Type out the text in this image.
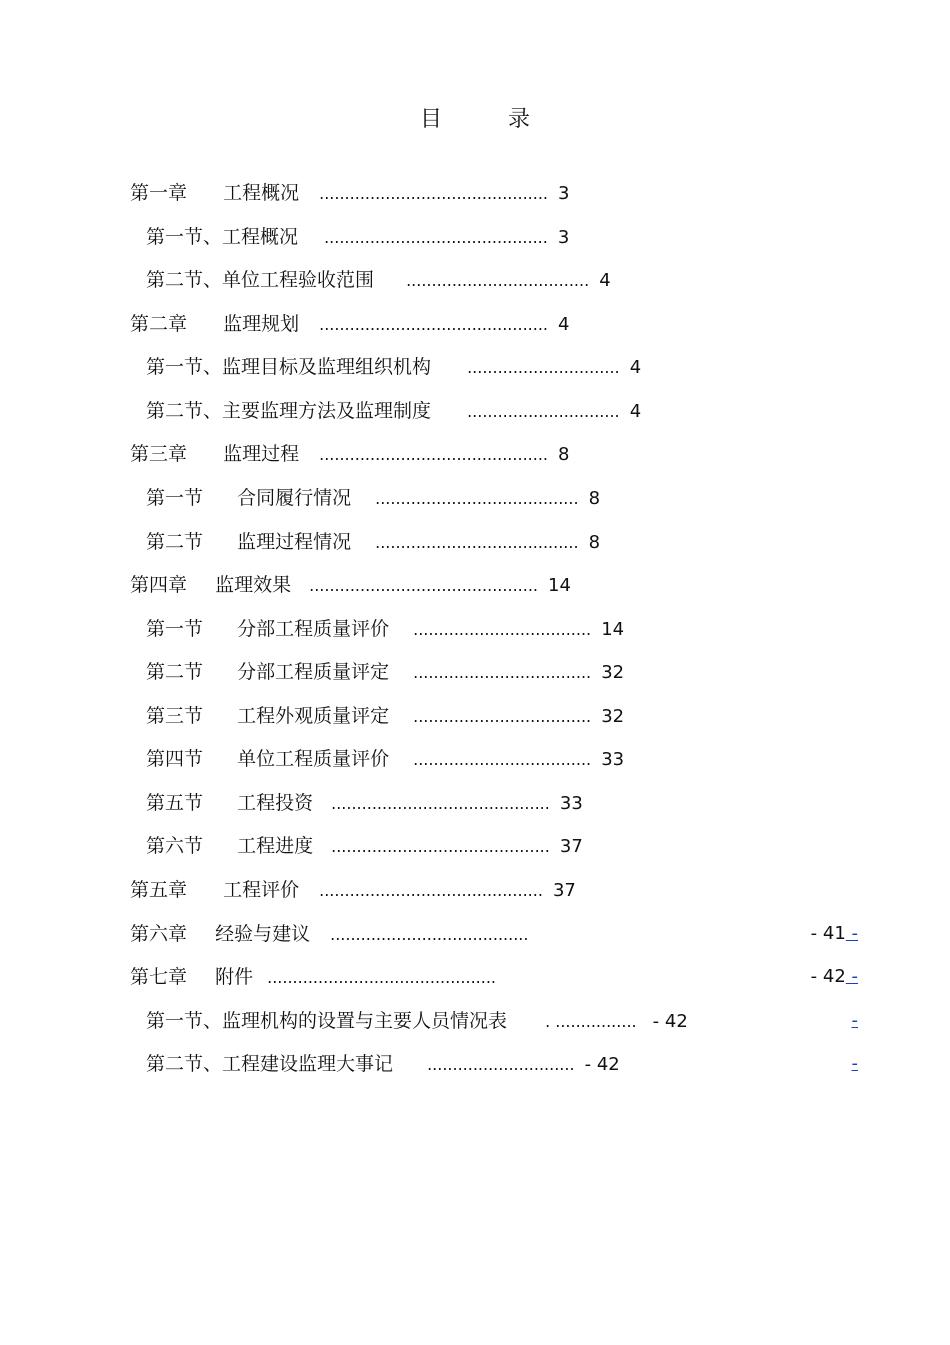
目	录
第一章 工程概况 ............................................. 3
第一节、工程概况 ............................................ 3
第二节、单位工程验收范围 .................................... 4
第二章 监理规划 ............................................. 4
第一节、监理目标及监理组织机构 .............................. 4
第二节、主要监理方法及监理制度 .............................. 4
第三章 监理过程 ............................................. 8
第一节 合同履行情况 ........................................ 8
第二节 监理过程情况 ........................................ 8
第四章 监理效果 ............................................. 14
第一节 分部工程质量评价 ................................... 14
第二节 分部工程质量评定 ................................... 32
第三节 工程外观质量评定 ................................... 32
第四节 单位工程质量评价 ................................... 33
第五节 工程投资 ........................................... 33
第六节 工程进度 ........................................... 37
第五章 工程评价 ............................................ 37
第六章 经验与建议 .......................................	- 41 -
第七章 附件 .............................................	- 42 -
第一节、监理机构的设置与主要人员情况表 . ................ - 42	-
第二节、工程建设监理大事记 ............................. - 42	-
